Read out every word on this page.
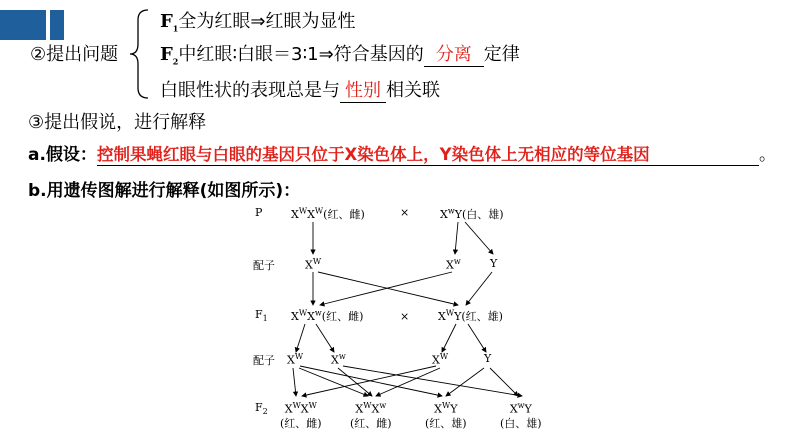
②提出问题
$F_1$全为红眼⇒红眼为显性
$F_2$中红眼∶白眼＝3∶1⇒符合基因的 分离 定律
白眼性状的表现总是与 性别 相关联
③提出假说，进行解释
a.假设：控制果蝇红眼与白眼的基因只位于X染色体上，Y染色体上无相应的等位基因	。
b.用遗传图解进行解释(如图所示)：
P
配子
$F_1$
配子
$F_2$
$X^WX^W$(红、雌)	×	$X^wY$(白、雄)
$X^W$	$X^w$	Y
$X^WX^w$(红、雌)	×	$X^WY$(红、雄)
$X^W$	$X^w$	$X^W$	Y
$X^WX^W$
(红、雌)
$X^WX^w$
(红、雌)
$X^WY$
(红、雄)
$X^wY$
(白、雄)
